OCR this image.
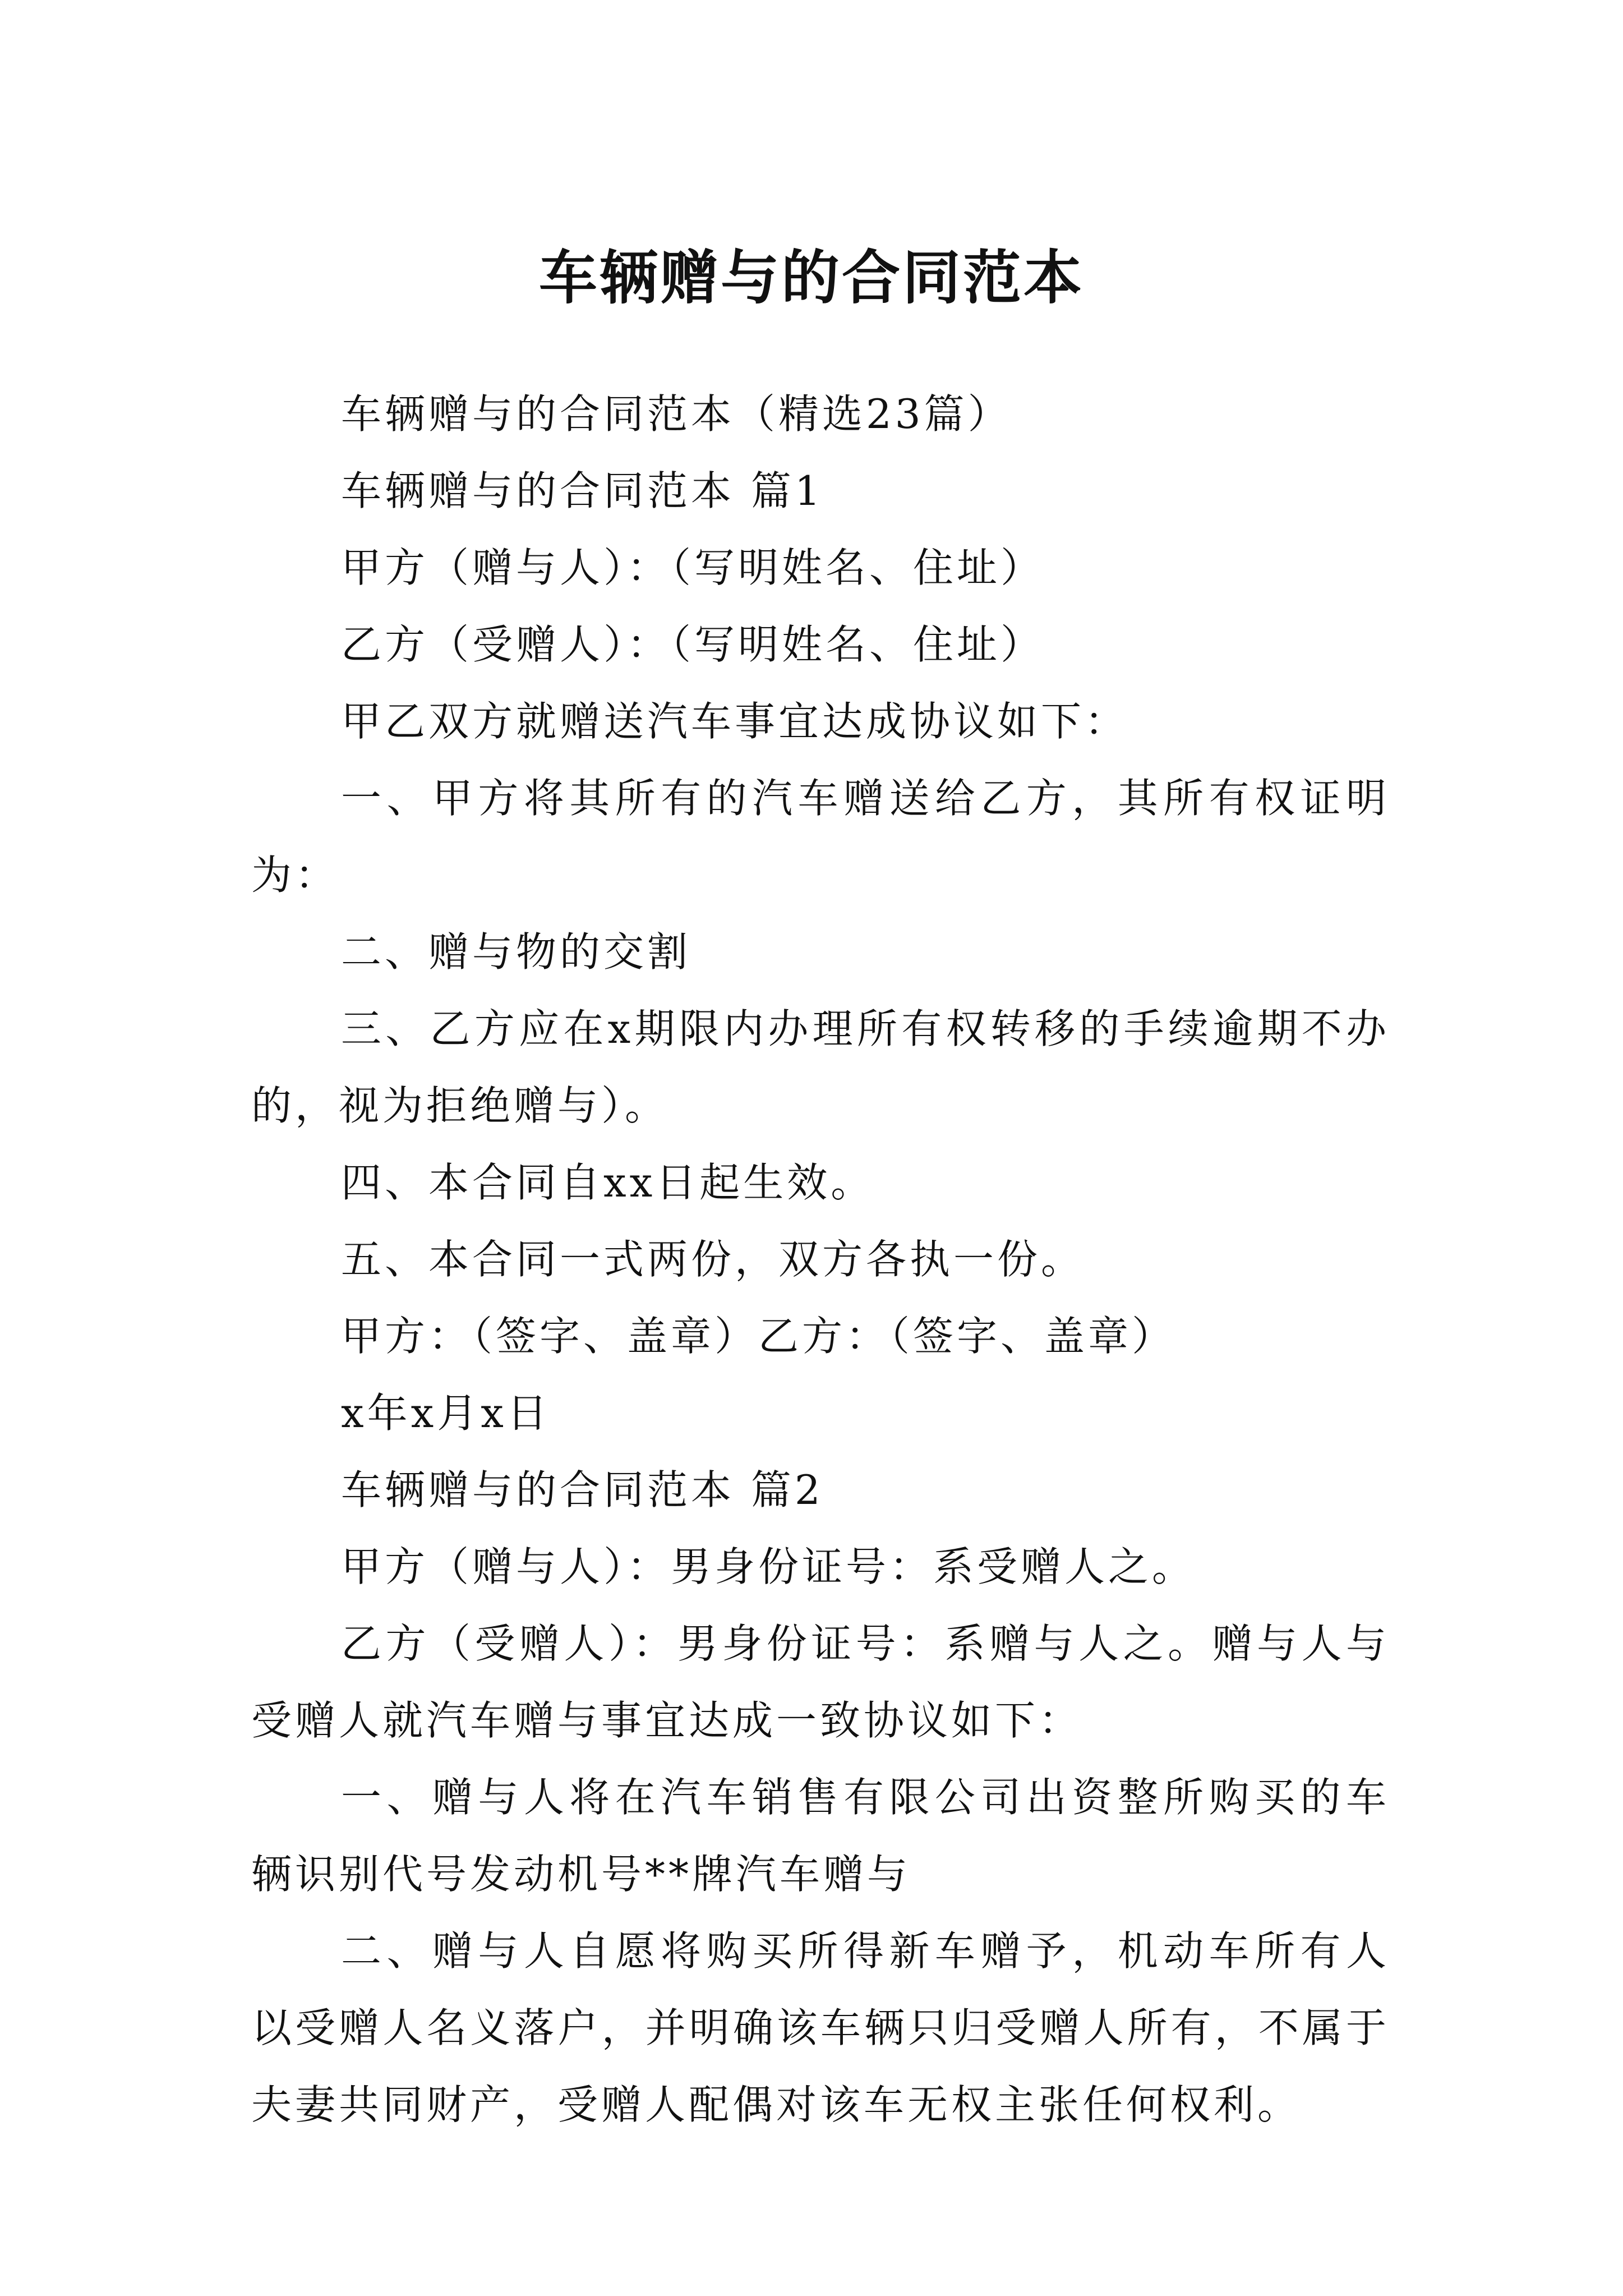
车辆赠与的合同范本

车辆赠与的合同范本（精选23篇）

车辆赠与的合同范本 篇1

甲方（赠与人）：（写明姓名、住址）

乙方（受赠人）：（写明姓名、住址）

甲乙双方就赠送汽车事宜达成协议如下：

一、甲方将其所有的汽车赠送给乙方，其所有权证明为：

二、赠与物的交割

三、乙方应在x期限内办理所有权转移的手续逾期不办的，视为拒绝赠与）。

四、本合同自xx日起生效。

五、本合同一式两份，双方各执一份。

甲方：（签字、盖章）乙方：（签字、盖章）

x年x月x日

车辆赠与的合同范本 篇2

甲方（赠与人）：男身份证号：系受赠人之。

乙方（受赠人）：男身份证号：系赠与人之。赠与人与受赠人就汽车赠与事宜达成一致协议如下：

一、赠与人将在汽车销售有限公司出资整所购买的车辆识别代号发动机号**牌汽车赠与

二、赠与人自愿将购买所得新车赠予，机动车所有人以受赠人名义落户，并明确该车辆只归受赠人所有，不属于夫妻共同财产，受赠人配偶对该车无权主张任何权利。
